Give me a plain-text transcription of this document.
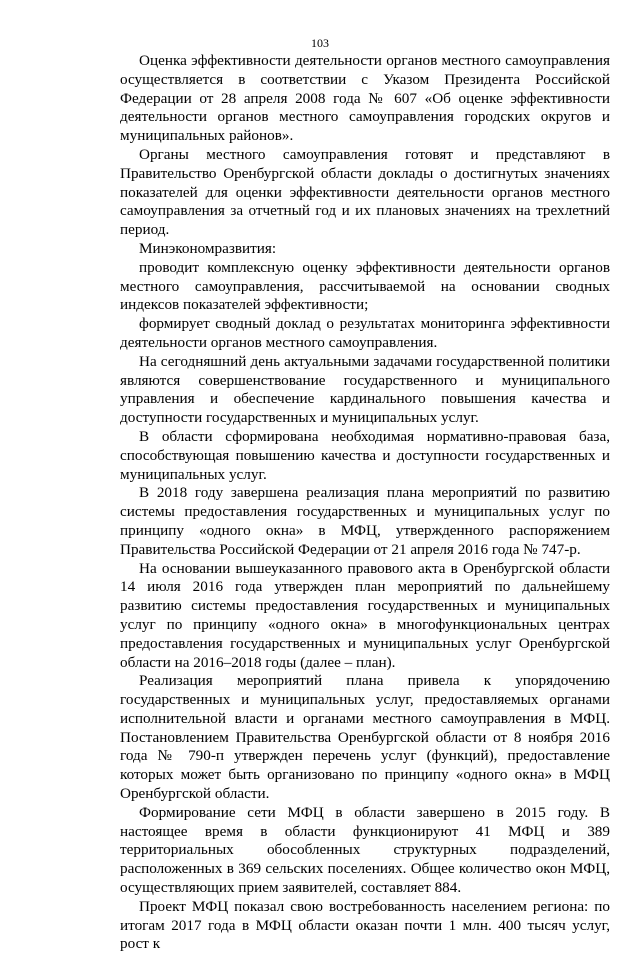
103

Оценка эффективности деятельности органов местного самоуправления осуществляется в соответствии с Указом Президента Российской Федерации от 28 апреля 2008 года № 607 «Об оценке эффективности деятельности органов местного самоуправления городских округов и муниципальных районов».

Органы местного самоуправления готовят и представляют в Правительство Оренбургской области доклады о достигнутых значениях показателей для оценки эффективности деятельности органов местного самоуправления за отчетный год и их плановых значениях на трехлетний период.

Минэкономразвития:

проводит комплексную оценку эффективности деятельности органов местного самоуправления, рассчитываемой на основании сводных индексов показателей эффективности;

формирует сводный доклад о результатах мониторинга эффективности деятельности органов местного самоуправления.

На сегодняшний день актуальными задачами государственной политики являются совершенствование государственного и муниципального управления и обеспечение кардинального повышения качества и доступности государственных и муниципальных услуг.

В области сформирована необходимая нормативно-правовая база, способствующая повышению качества и доступности государственных и муниципальных услуг.

В 2018 году завершена реализация плана мероприятий по развитию системы предоставления государственных и муниципальных услуг по принципу «одного окна» в МФЦ, утвержденного распоряжением Правительства Российской Федерации от 21 апреля 2016 года № 747-р.

На основании вышеуказанного правового акта в Оренбургской области 14 июля 2016 года утвержден план мероприятий по дальнейшему развитию системы предоставления государственных и муниципальных услуг по принципу «одного окна» в многофункциональных центрах предоставления государственных и муниципальных услуг Оренбургской области на 2016–2018 годы (далее – план).

Реализация мероприятий плана привела к упорядочению государственных и муниципальных услуг, предоставляемых органами исполнительной власти и органами местного самоуправления в МФЦ. Постановлением Правительства Оренбургской области от 8 ноября 2016 года № 790-п утвержден перечень услуг (функций), предоставление которых может быть организовано по принципу «одного окна» в МФЦ Оренбургской области.

Формирование сети МФЦ в области завершено в 2015 году. В настоящее время в области функционируют 41 МФЦ и 389 территориальных обособленных структурных подразделений, расположенных в 369 сельских поселениях. Общее количество окон МФЦ, осуществляющих прием заявителей, составляет 884.

Проект МФЦ показал свою востребованность населением региона: по итогам 2017 года в МФЦ области оказан почти 1 млн. 400 тысяч услуг, рост к
